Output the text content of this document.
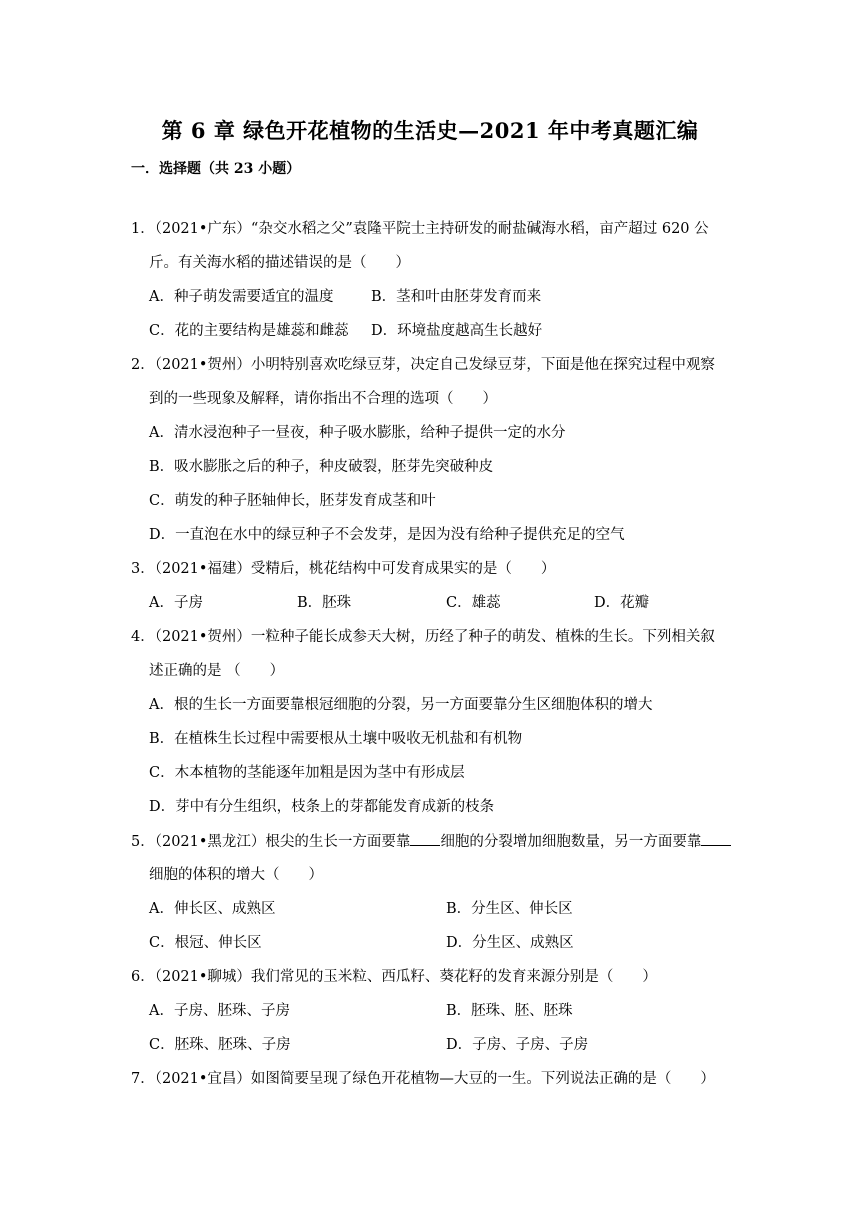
第 6 章 绿色开花植物的生活史—2021 年中考真题汇编
一．选择题（共 23 小题）
1．（2021•广东）“杂交水稻之父”袁隆平院士主持研发的耐盐碱海水稻，亩产超过 620 公
斤。有关海水稻的描述错误的是（　　）
A．种子萌发需要适宜的温度	B．茎和叶由胚芽发育而来
C．花的主要结构是雄蕊和雌蕊 D．环境盐度越高生长越好
2．（2021•贺州）小明特别喜欢吃绿豆芽，决定自己发绿豆芽，下面是他在探究过程中观察
到的一些现象及解释，请你指出不合理的选项（　　）
A．清水浸泡种子一昼夜，种子吸水膨胀，给种子提供一定的水分
B．吸水膨胀之后的种子，种皮破裂，胚芽先突破种皮
C．萌发的种子胚轴伸长，胚芽发育成茎和叶
D．一直泡在水中的绿豆种子不会发芽，是因为没有给种子提供充足的空气
3．（2021•福建）受精后，桃花结构中可发育成果实的是（　　）
A．子房	B．胚珠	C．雄蕊	D．花瓣
4．（2021•贺州）一粒种子能长成参天大树，历经了种子的萌发、植株的生长。下列相关叙
述正确的是 （　　）
A．根的生长一方面要靠根冠细胞的分裂，另一方面要靠分生区细胞体积的增大
B．在植株生长过程中需要根从土壤中吸收无机盐和有机物
C．木本植物的茎能逐年加粗是因为茎中有形成层
D．芽中有分生组织，枝条上的芽都能发育成新的枝条
5．（2021•黑龙江）根尖的生长一方面要靠 细胞的分裂增加细胞数量，另一方面要靠
细胞的体积的增大（　　）
A．伸长区、成熟区	B．分生区、伸长区
C．根冠、伸长区	D．分生区、成熟区
6．（2021•聊城）我们常见的玉米粒、西瓜籽、葵花籽的发育来源分别是（　　）
A．子房、胚珠、子房	B．胚珠、胚、胚珠
C．胚珠、胚珠、子房	D．子房、子房、子房
7．（2021•宜昌）如图简要呈现了绿色开花植物—大豆的一生。下列说法正确的是（　　）
